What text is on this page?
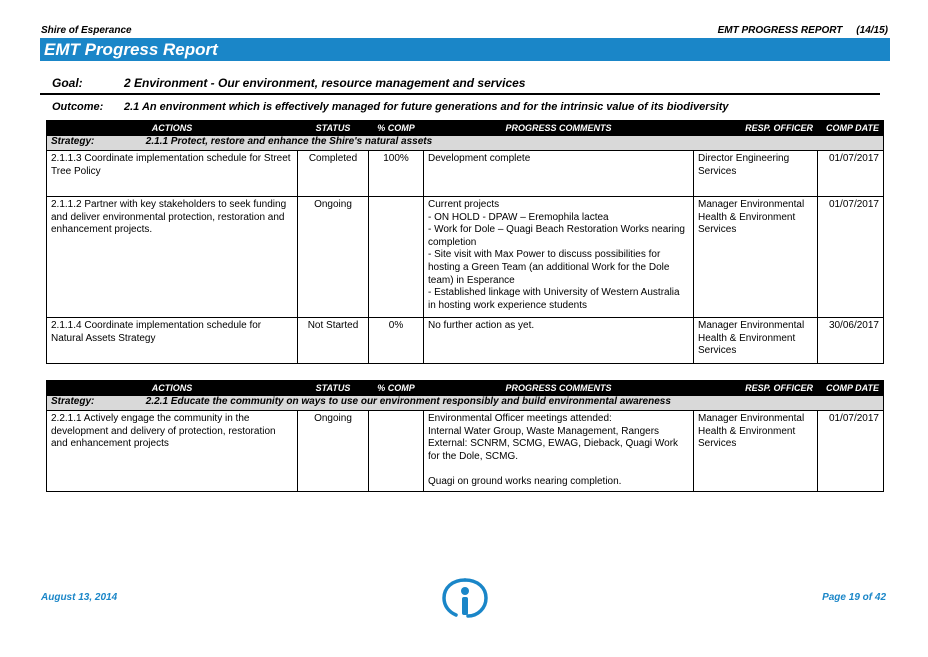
Shire of Esperance	EMT PROGRESS REPORT     (14/15)
EMT Progress Report
Goal:	2 Environment - Our environment, resource management and services
Outcome: 2.1 An environment which is effectively managed for future generations and for the intrinsic value of its biodiversity
ACTIONS	STATUS	% COMP	PROGRESS COMMENTS	RESP. OFFICER	COMP DATE
Strategy: 2.1.1 Protect, restore and enhance the Shire's natural assets					
2.1.1.3 Coordinate implementation schedule for Street Tree Policy	Completed	100%	Development complete	Director Engineering Services	01/07/2017
2.1.1.2 Partner with key stakeholders to seek funding and deliver environmental protection, restoration and enhancement projects.	Ongoing		Current projects
- ON HOLD - DPAW – Eremophila lactea
- Work for Dole – Quagi Beach Restoration Works nearing completion
- Site visit with Max Power to discuss possibilities for hosting a Green Team (an additional Work for the Dole team) in Esperance
- Established linkage with University of Western Australia in hosting work experience students	Manager Environmental Health & Environment Services	01/07/2017
2.1.1.4 Coordinate implementation schedule for Natural Assets Strategy	Not Started	0%	No further action as yet.	Manager Environmental Health & Environment Services	30/06/2017
ACTIONS	STATUS	% COMP	PROGRESS COMMENTS	RESP. OFFICER	COMP DATE
Strategy: 2.2.1 Educate the community on ways to use our environment responsibly and build environmental awareness					
2.2.1.1 Actively engage the community in the development and delivery of protection, restoration and enhancement projects	Ongoing		Environmental Officer meetings attended:
Internal Water Group, Waste Management, Rangers
External: SCNRM, SCMG, EWAG, Dieback, Quagi Work for the Dole, SCMG.
Quagi on ground works nearing completion.	Manager Environmental Health & Environment Services	01/07/2017
August 13, 2014	Page 19 of 42
